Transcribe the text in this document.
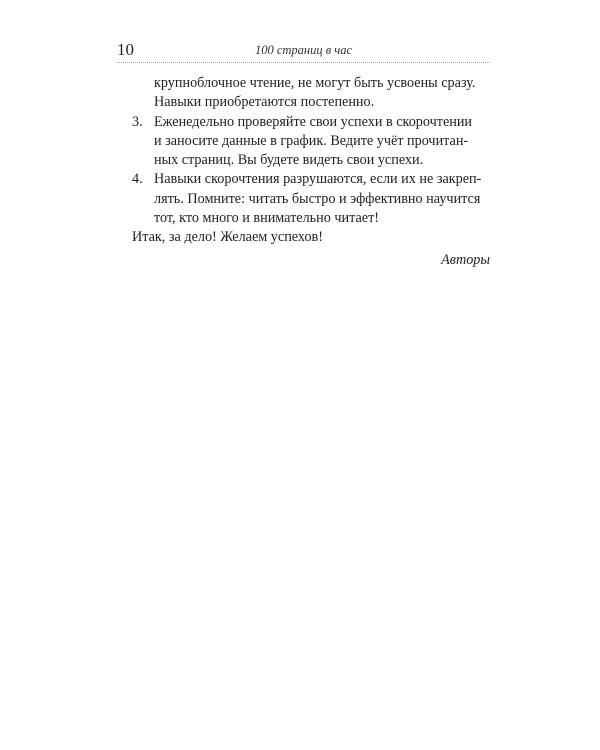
10	100 страниц в час
крупноблочное чтение, не могут быть усвоены сразу.
Навыки приобретаются постепенно.
3. Еженедельно проверяйте свои успехи в скорочтении
и заносите данные в график. Ведите учёт прочитан-
ных страниц. Вы будете видеть свои успехи.
4. Навыки скорочтения разрушаются, если их не закреп-
лять. Помните: читать быстро и эффективно научится
тот, кто много и внимательно читает!
Итак, за дело! Желаем успехов!
Авторы
